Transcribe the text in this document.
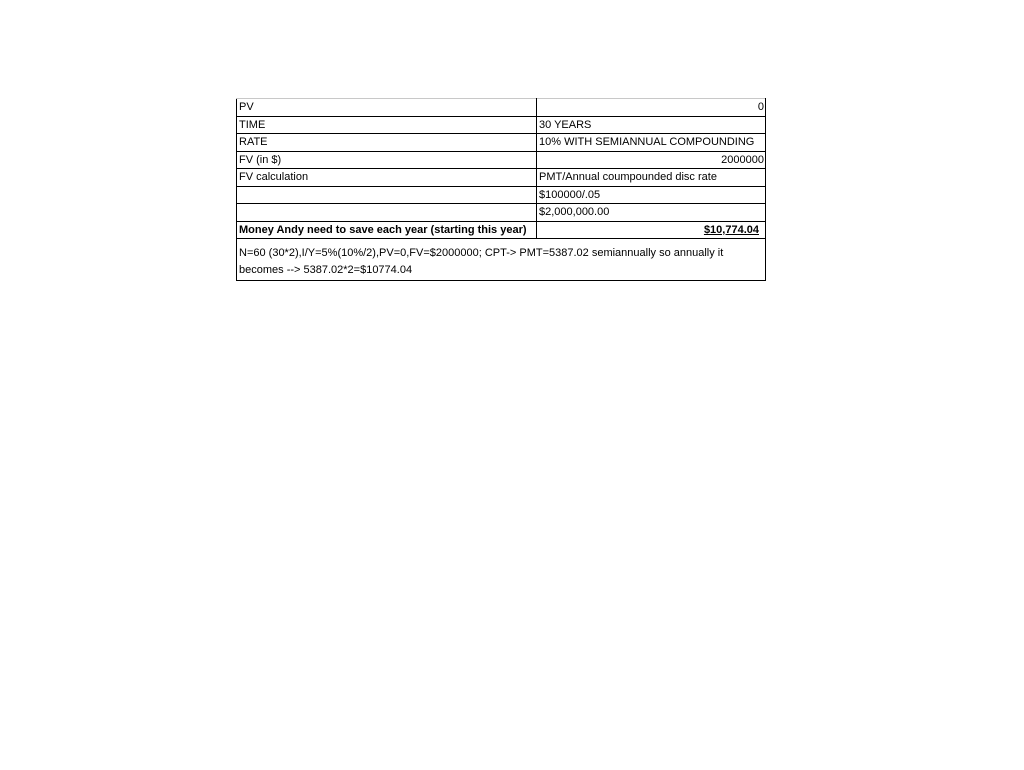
PV	0
TIME	30 YEARS
RATE	10% WITH SEMIANNUAL COMPOUNDING
FV (in $)	2000000
FV calculation	PMT/Annual coumpounded disc rate
	$100000/.05
	$2,000,000.00
Money Andy need to save each year (starting this year)	$10,774.04
N=60 (30*2),I/Y=5%(10%/2),PV=0,FV=$2000000; CPT-> PMT=5387.02 semiannually so annually it becomes --> 5387.02*2=$10774.04	
